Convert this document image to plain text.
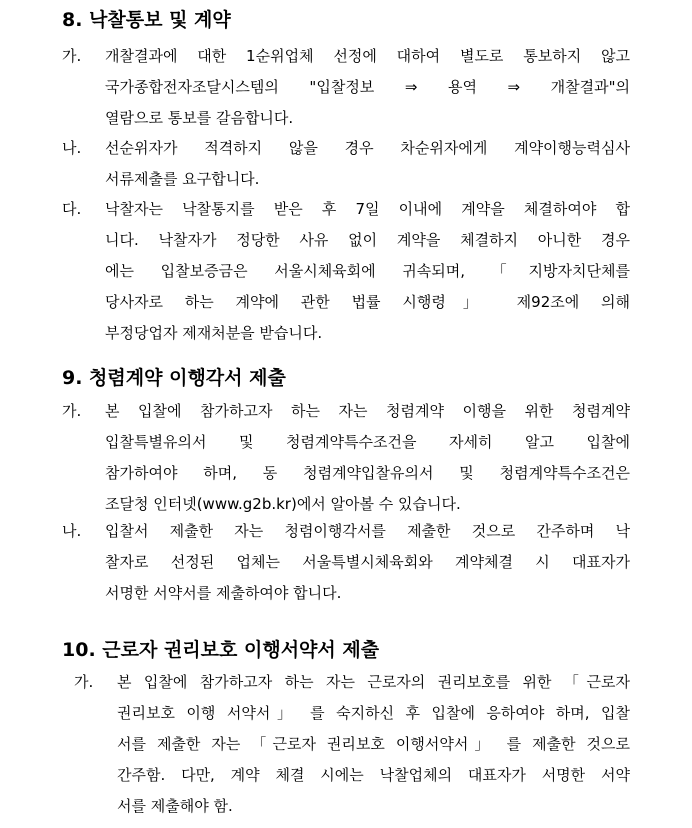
8. 낙찰통보 및 계약
가. 개찰결과에 대한 1순위업체 선정에 대하여 별도로 통보하지 않고
국가종합전자조달시스템의 "입찰정보 ⇒ 용역 ⇒ 개찰결과"의
열람으로 통보를 갈음합니다.
나. 선순위자가 적격하지 않을 경우 차순위자에게 계약이행능력심사
서류제출를 요구합니다.
다. 낙찰자는 낙찰통지를 받은 후 7일 이내에 계약을 체결하여야 합
니다. 낙찰자가 정당한 사유 없이 계약을 체결하지 아니한 경우
에는 입찰보증금은 서울시체육회에 귀속되며, 「지방자치단체를
당사자로 하는 계약에 관한 법률 시행령」 제92조에 의해
부정당업자 제재처분을 받습니다.
9. 청렴계약 이행각서 제출
가. 본 입찰에 참가하고자 하는 자는 청렴계약 이행을 위한 청렴계약
입찰특별유의서 및 청렴계약특수조건을 자세히 알고 입찰에
참가하여야 하며, 동 청렴계약입찰유의서 및 청렴계약특수조건은
조달청 인터넷(www.g2b.kr)에서 알아볼 수 있습니다.
나. 입찰서 제출한 자는 청렴이행각서를 제출한 것으로 간주하며 낙
찰자로 선정된 업체는 서울특별시체육회와 계약체결 시 대표자가
서명한 서약서를 제출하여야 합니다.
10. 근로자 권리보호 이행서약서 제출
가. 본 입찰에 참가하고자 하는 자는 근로자의 권리보호를 위한 「근로자
권리보호 이행 서약서」 를 숙지하신 후 입찰에 응하여야 하며, 입찰
서를 제출한 자는 「근로자 권리보호 이행서약서」 를 제출한 것으로
간주함. 다만, 계약 체결 시에는 낙찰업체의 대표자가 서명한 서약
서를 제출해야 함.
